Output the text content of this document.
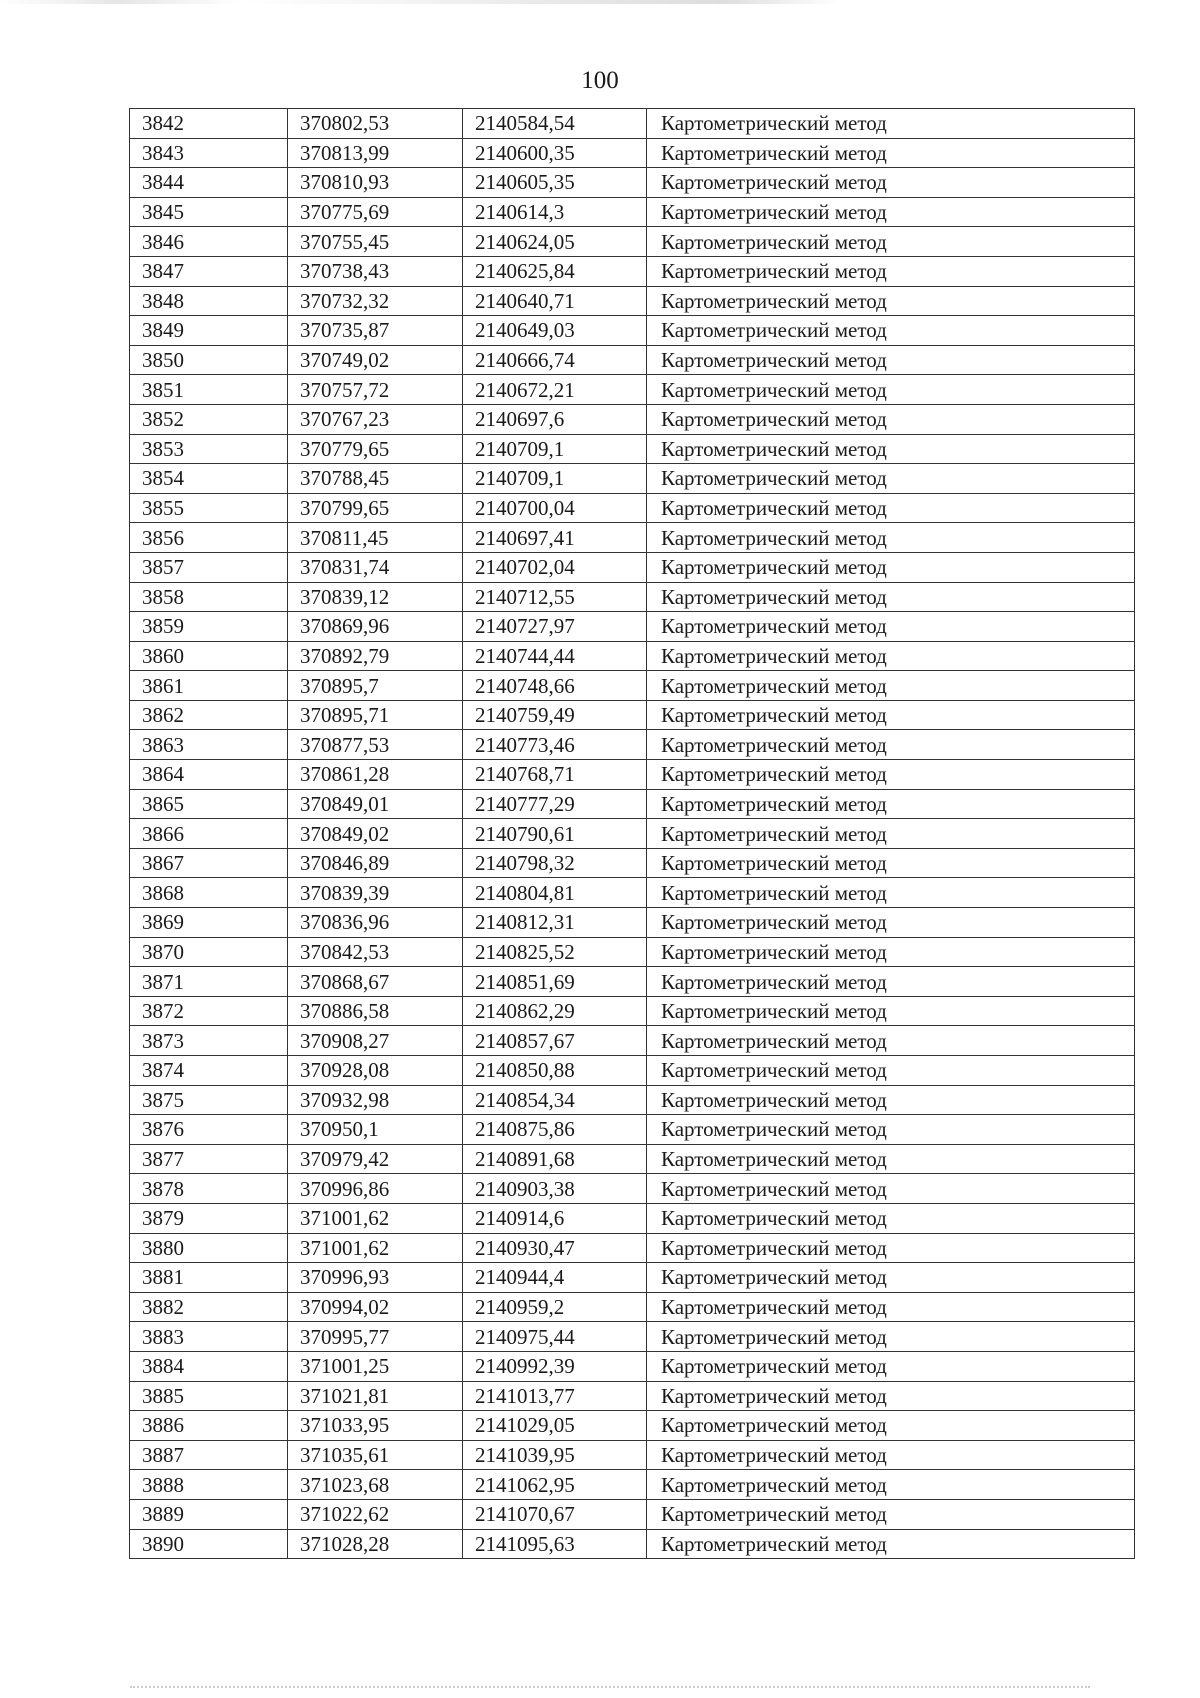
100
3842	370802,53	2140584,54	Картометрический метод
3843	370813,99	2140600,35	Картометрический метод
3844	370810,93	2140605,35	Картометрический метод
3845	370775,69	2140614,3	Картометрический метод
3846	370755,45	2140624,05	Картометрический метод
3847	370738,43	2140625,84	Картометрический метод
3848	370732,32	2140640,71	Картометрический метод
3849	370735,87	2140649,03	Картометрический метод
3850	370749,02	2140666,74	Картометрический метод
3851	370757,72	2140672,21	Картометрический метод
3852	370767,23	2140697,6	Картометрический метод
3853	370779,65	2140709,1	Картометрический метод
3854	370788,45	2140709,1	Картометрический метод
3855	370799,65	2140700,04	Картометрический метод
3856	370811,45	2140697,41	Картометрический метод
3857	370831,74	2140702,04	Картометрический метод
3858	370839,12	2140712,55	Картометрический метод
3859	370869,96	2140727,97	Картометрический метод
3860	370892,79	2140744,44	Картометрический метод
3861	370895,7	2140748,66	Картометрический метод
3862	370895,71	2140759,49	Картометрический метод
3863	370877,53	2140773,46	Картометрический метод
3864	370861,28	2140768,71	Картометрический метод
3865	370849,01	2140777,29	Картометрический метод
3866	370849,02	2140790,61	Картометрический метод
3867	370846,89	2140798,32	Картометрический метод
3868	370839,39	2140804,81	Картометрический метод
3869	370836,96	2140812,31	Картометрический метод
3870	370842,53	2140825,52	Картометрический метод
3871	370868,67	2140851,69	Картометрический метод
3872	370886,58	2140862,29	Картометрический метод
3873	370908,27	2140857,67	Картометрический метод
3874	370928,08	2140850,88	Картометрический метод
3875	370932,98	2140854,34	Картометрический метод
3876	370950,1	2140875,86	Картометрический метод
3877	370979,42	2140891,68	Картометрический метод
3878	370996,86	2140903,38	Картометрический метод
3879	371001,62	2140914,6	Картометрический метод
3880	371001,62	2140930,47	Картометрический метод
3881	370996,93	2140944,4	Картометрический метод
3882	370994,02	2140959,2	Картометрический метод
3883	370995,77	2140975,44	Картометрический метод
3884	371001,25	2140992,39	Картометрический метод
3885	371021,81	2141013,77	Картометрический метод
3886	371033,95	2141029,05	Картометрический метод
3887	371035,61	2141039,95	Картометрический метод
3888	371023,68	2141062,95	Картометрический метод
3889	371022,62	2141070,67	Картометрический метод
3890	371028,28	2141095,63	Картометрический метод
